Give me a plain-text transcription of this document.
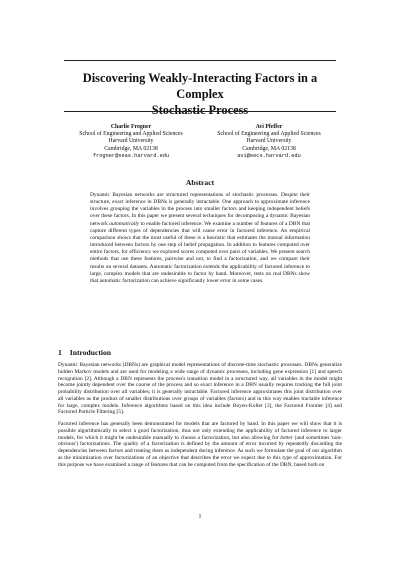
Discovering Weakly-Interacting Factors in a Complex
Stochastic Process
Charlie Frogner
School of Engineering and Applied Sciences
Harvard University
Cambridge, MA 02138
frogner@seas.harvard.edu
Avi Pfeffer
School of Engineering and Applied Sciences
Harvard University
Cambridge, MA 02138
avi@eecs.harvard.edu
Abstract

Dynamic Bayesian networks are structured representations of stochastic processes. Despite their structure, exact inference in DBNs is generally intractable. One approach to approximate inference involves grouping the variables in the process into smaller factors and keeping independent beliefs over these factors. In this paper we present several techniques for decomposing a dynamic Bayesian network automatically to enable factored inference. We examine a number of features of a DBN that capture different types of dependencies that will cause error in factored inference. An empirical comparison shows that the most useful of these is a heuristic that estimates the mutual information introduced between factors by one step of belief propagation. In addition to features computed over entire factors, for efficiency we explored scores computed over pairs of variables. We present search methods that use these features, pairwise and not, to find a factorization, and we compare their results on several datasets. Automatic factorization extends the applicability of factored inference to large, complex models that are undesirable to factor by hand. Moreover, tests on real DBNs show that automatic factorization can achieve significantly lower error in some cases.

1 Introduction

Dynamic Bayesian networks (DBNs) are graphical model representations of discrete-time stochastic processes. DBNs generalize hidden Markov models and are used for modeling a wide range of dynamic processes, including gene expression [1] and speech recognition [2]. Although a DBN represents the process's transition model in a structured way, all variables in the model might become jointly dependent over the course of the process and so exact inference in a DBN usually requires tracking the full joint probability distribution over all variables; it is generally intractable. Factored inference approximates this joint distribution over all variables as the product of smaller distributions over groups of variables (factors) and in this way enables tractable inference for large, complex models. Inference algorithms based on this idea include Boyen-Koller [3], the Factored Frontier [4] and Factored Particle Filtering [5].

Factored inference has generally been demonstrated for models that are factored by hand. In this paper we will show that it is possible algorithmically to select a good factorization, thus not only extending the applicability of factored inference to larger models, for which it might be undesirable manually to choose a factorization, but also allowing for better (and sometimes 'non-obvious') factorizations. The quality of a factorization is defined by the amount of error incurred by repeatedly discarding the dependencies between factors and treating them as independent during inference. As such we formulate the goal of our algorithm as the minimization over factorizations of an objective that describes the error we expect due to this type of approximation. For this purpose we have examined a range of features that can be computed from the specification of the DBN, based both on

1
